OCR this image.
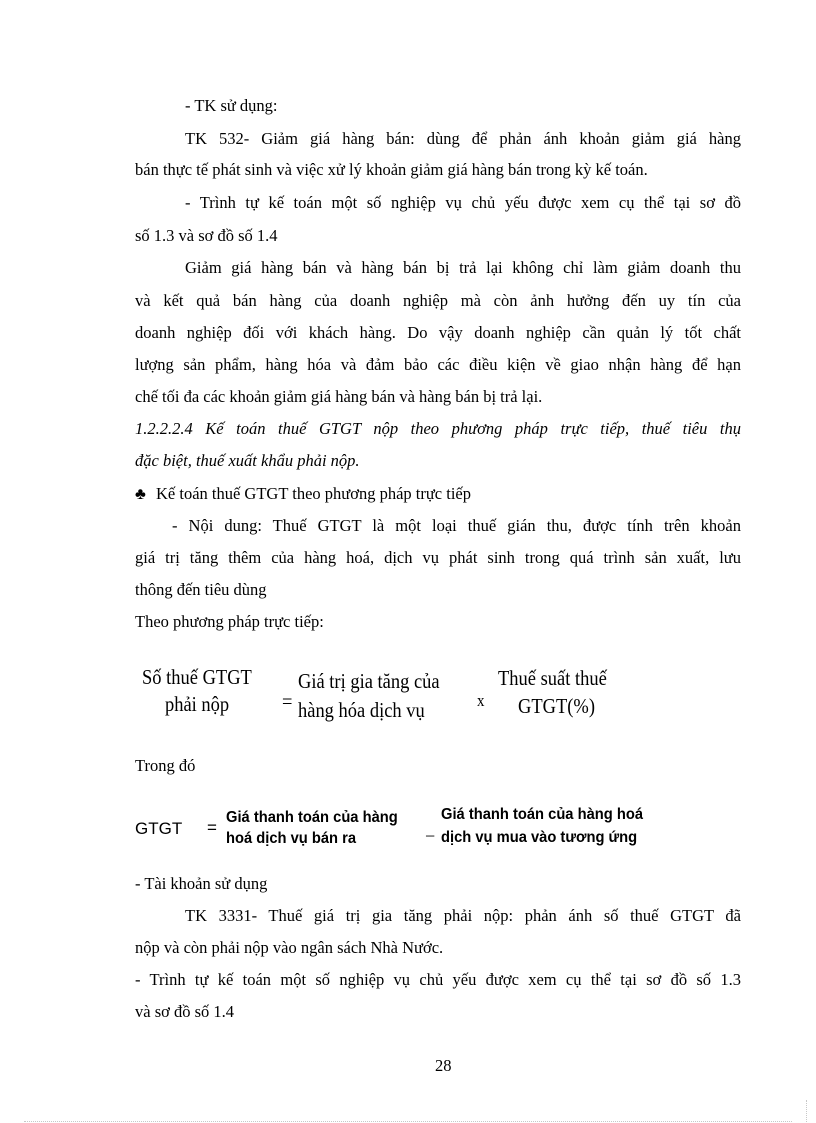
- TK sử dụng:
TK 532- Giảm giá hàng bán: dùng để phản ánh khoản giảm giá hàng
bán thực tế phát sinh và việc xử lý khoản giảm giá hàng bán trong kỳ kế toán.
- Trình tự kế toán một số nghiệp vụ chủ yếu được xem cụ thể tại sơ đồ
số 1.3 và sơ đồ số 1.4
Giảm giá hàng bán và hàng bán bị trả lại không chỉ làm giảm doanh thu
và kết quả bán hàng của doanh nghiệp mà còn ảnh hưởng đến uy tín của
doanh nghiệp đối với khách hàng. Do vậy doanh nghiệp cần quản lý tốt chất
lượng sản phẩm, hàng hóa và đảm bảo các điều kiện về giao nhận hàng để hạn
chế tối đa các khoản giảm giá hàng bán và hàng bán bị trả lại.
1.2.2.2.4 Kế toán thuế GTGT nộp theo phương pháp trực tiếp, thuế tiêu thụ
đặc biệt, thuế xuất khẩu phải nộp.
♣ Kế toán thuế GTGT theo phương pháp trực tiếp
- Nội dung: Thuế GTGT là một loại thuế gián thu, được tính trên khoản
giá trị tăng thêm của hàng hoá, dịch vụ phát sinh trong quá trình sản xuất, lưu
thông đến tiêu dùng
Theo phương pháp trực tiếp:
Số thuế GTGT
phải nộp	=
Giá trị gia tăng của
hàng hóa dịch vụ	x
Thuế suất thuế
GTGT(%)
Trong đó
GTGT =
Giá thanh toán của hàng
hoá dịch vụ bán ra	−
Giá thanh toán của hàng hoá
dịch vụ mua vào tương ứng
- Tài khoản sử dụng
TK 3331- Thuế giá trị gia tăng phải nộp: phản ánh số thuế GTGT đã
nộp và còn phải nộp vào ngân sách Nhà Nước.
- Trình tự kế toán một số nghiệp vụ chủ yếu được xem cụ thể tại sơ đồ số 1.3
và sơ đồ số 1.4
28
